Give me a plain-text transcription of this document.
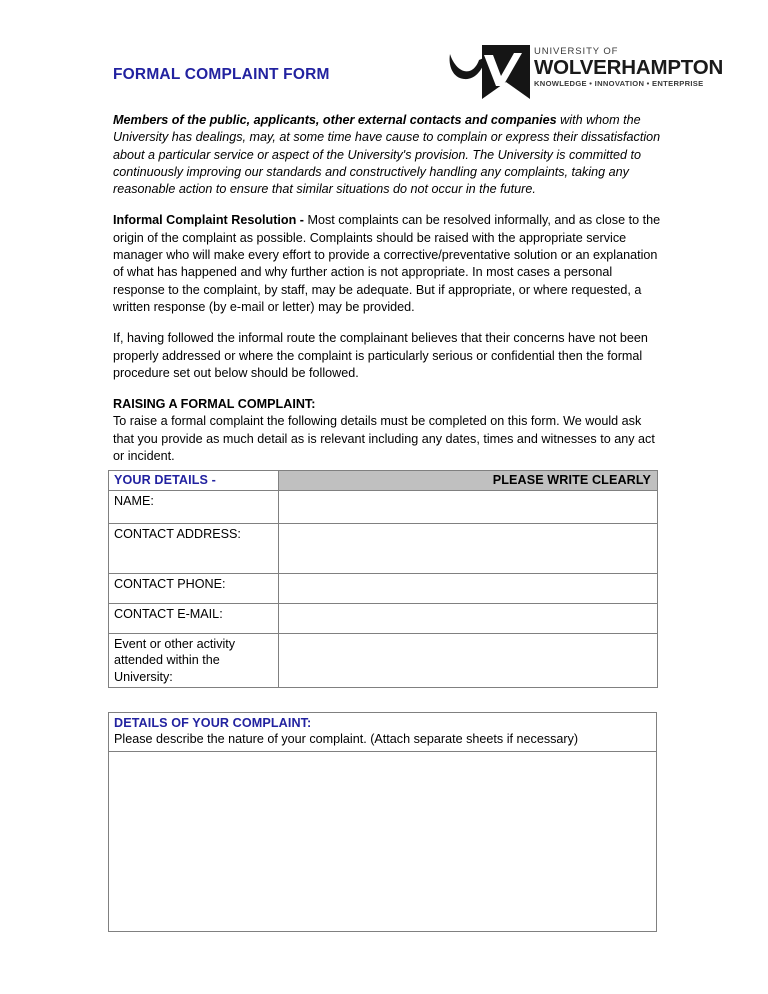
FORMAL COMPLAINT FORM
UNIVERSITY OF
WOLVERHAMPTON
KNOWLEDGE • INNOVATION • ENTERPRISE

Members of the public, applicants, other external contacts and companies with whom the University has dealings, may, at some time have cause to complain or express their dissatisfaction about a particular service or aspect of the University's provision. The University is committed to continuously improving our standards and constructively handling any complaints, taking any reasonable action to ensure that similar situations do not occur in the future.

Informal Complaint Resolution - Most complaints can be resolved informally, and as close to the origin of the complaint as possible. Complaints should be raised with the appropriate service manager who will make every effort to provide a corrective/preventative solution or an explanation of what has happened and why further action is not appropriate. In most cases a personal response to the complaint, by staff, may be adequate. But if appropriate, or where requested, a written response (by e-mail or letter) may be provided.

If, having followed the informal route the complainant believes that their concerns have not been properly addressed or where the complaint is particularly serious or confidential then the formal procedure set out below should be followed.

RAISING A FORMAL COMPLAINT:

To raise a formal complaint the following details must be completed on this form. We would ask that you provide as much detail as is relevant including any dates, times and witnesses to any act or incident.

YOUR DETAILS -	PLEASE WRITE CLEARLY
NAME:	
CONTACT ADDRESS:	
CONTACT PHONE:	
CONTACT E-MAIL:	
Event or other activity attended within the University:	
DETAILS OF YOUR COMPLAINT:
Please describe the nature of your complaint. (Attach separate sheets if necessary)
